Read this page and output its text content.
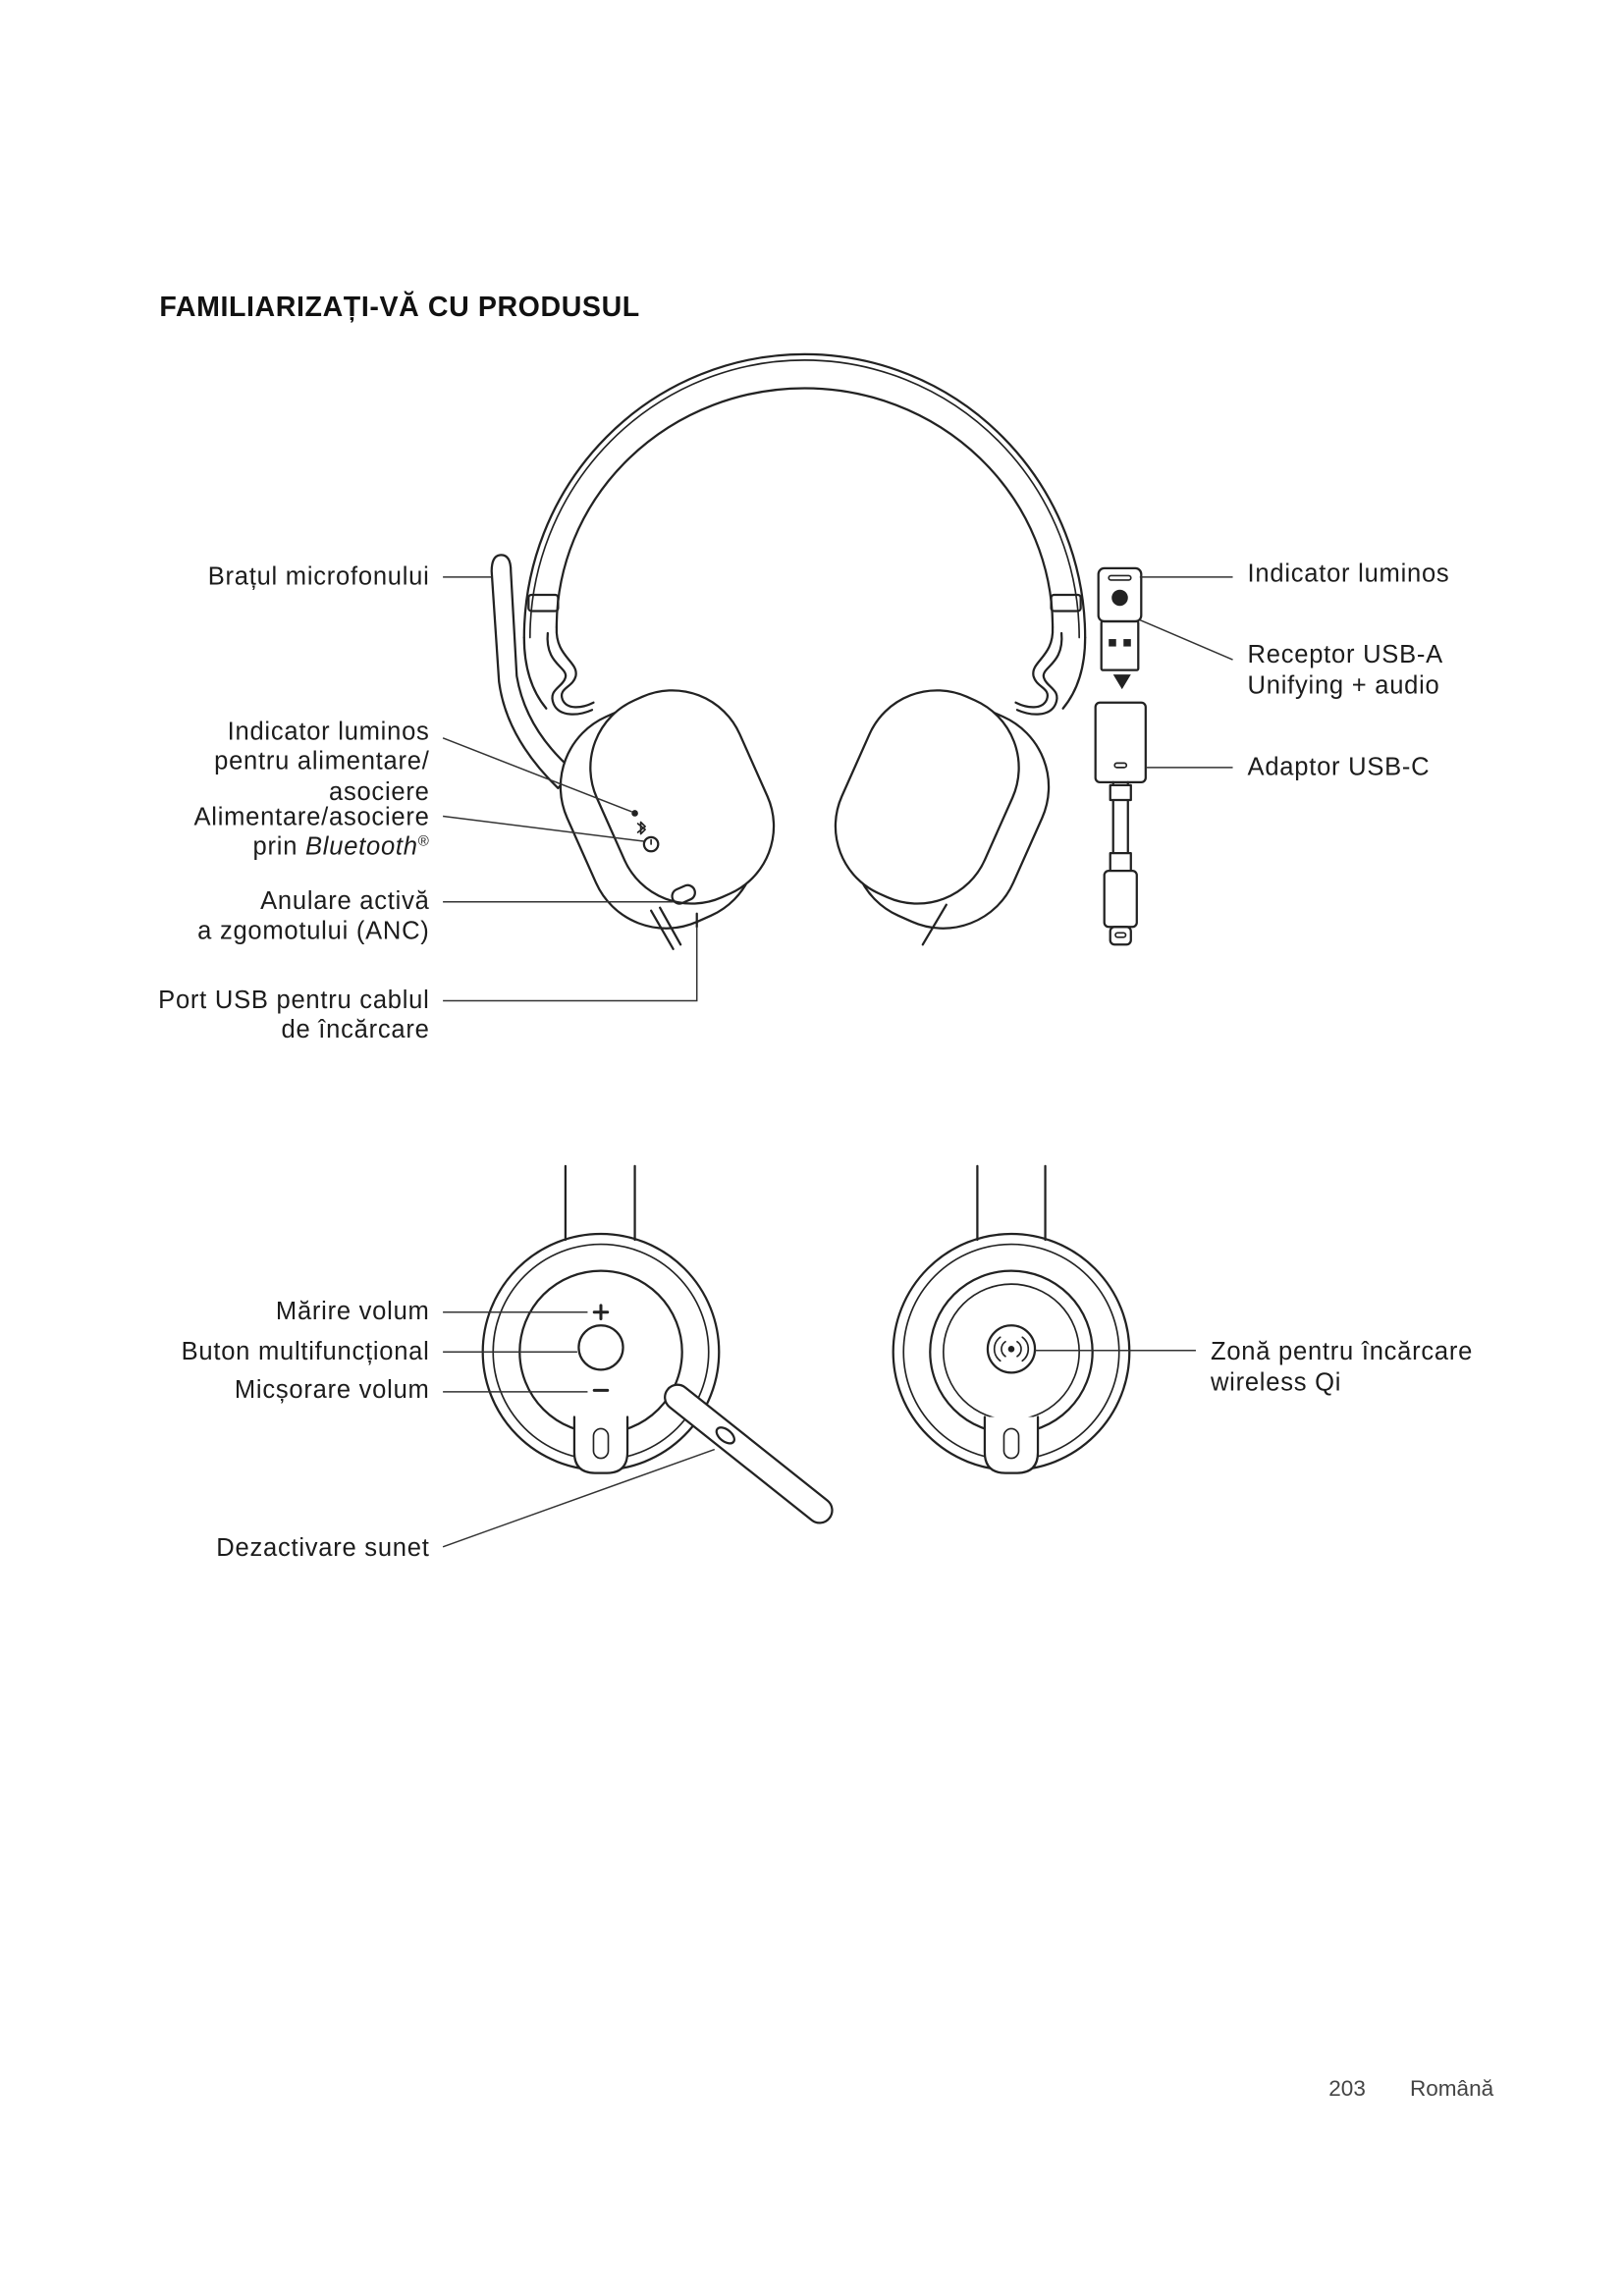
FAMILIARIZAȚI-VĂ CU PRODUSUL
Brațul microfonului
Indicator luminos
pentru alimentare/
asociere
Alimentare/asociere
prin Bluetooth®
Anulare activă
a zgomotului (ANC)
Port USB pentru cablul
de încărcare
Indicator luminos
Receptor USB-A
Unifying + audio
Adaptor USB-C
Mărire volum
Buton multifuncțional
Micșorare volum
Dezactivare sunet
Zonă pentru încărcare
wireless Qi
203	Română
